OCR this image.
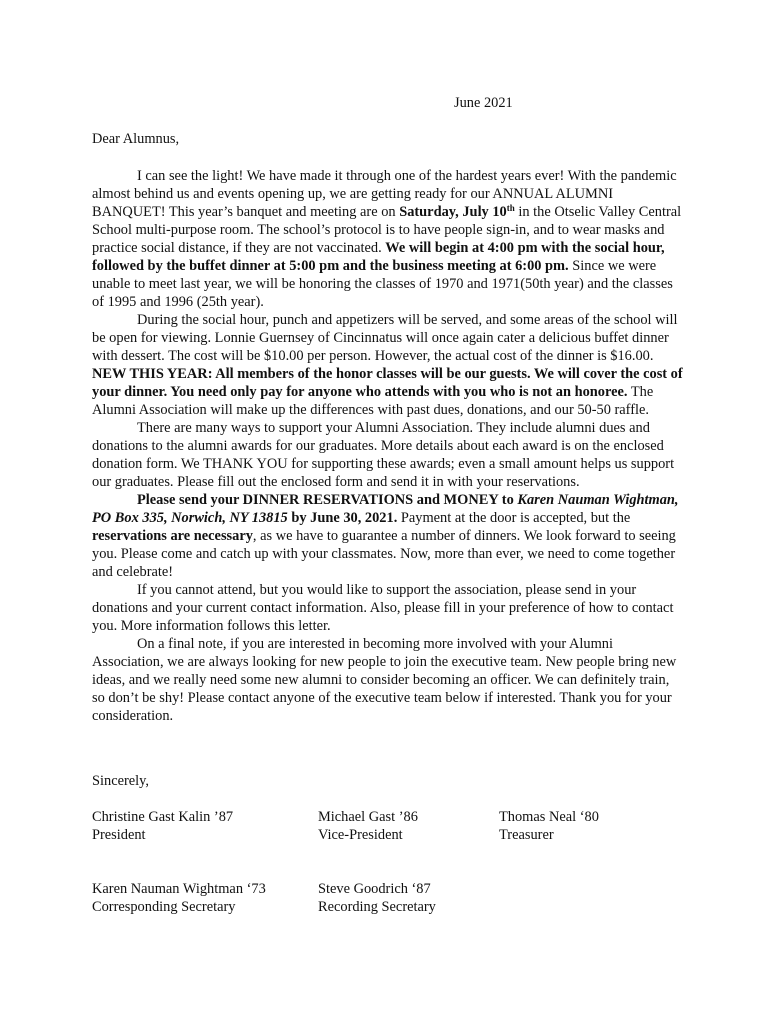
June 2021
Dear Alumnus,

I can see the light! We have made it through one of the hardest years ever! With the pandemic almost behind us and events opening up, we are getting ready for our ANNUAL ALUMNI BANQUET! This year’s banquet and meeting are on Saturday, July 10th in the Otselic Valley Central School multi-purpose room. The school’s protocol is to have people sign-in, and to wear masks and practice social distance, if they are not vaccinated. We will begin at 4:00 pm with the social hour, followed by the buffet dinner at 5:00 pm and the business meeting at 6:00 pm. Since we were unable to meet last year, we will be honoring the classes of 1970 and 1971(50th year) and the classes of 1995 and 1996 (25th year).

During the social hour, punch and appetizers will be served, and some areas of the school will be open for viewing. Lonnie Guernsey of Cincinnatus will once again cater a delicious buffet dinner with dessert. The cost will be $10.00 per person. However, the actual cost of the dinner is $16.00. NEW THIS YEAR: All members of the honor classes will be our guests. We will cover the cost of your dinner. You need only pay for anyone who attends with you who is not an honoree. The Alumni Association will make up the differences with past dues, donations, and our 50-50 raffle.

There are many ways to support your Alumni Association. They include alumni dues and donations to the alumni awards for our graduates. More details about each award is on the enclosed donation form. We THANK YOU for supporting these awards; even a small amount helps us support our graduates. Please fill out the enclosed form and send it in with your reservations.

Please send your DINNER RESERVATIONS and MONEY to Karen Nauman Wightman, PO Box 335, Norwich, NY 13815 by June 30, 2021. Payment at the door is accepted, but the reservations are necessary, as we have to guarantee a number of dinners. We look forward to seeing you. Please come and catch up with your classmates. Now, more than ever, we need to come together and celebrate!

If you cannot attend, but you would like to support the association, please send in your donations and your current contact information. Also, please fill in your preference of how to contact you. More information follows this letter.

On a final note, if you are interested in becoming more involved with your Alumni Association, we are always looking for new people to join the executive team. New people bring new ideas, and we really need some new alumni to consider becoming an officer. We can definitely train, so don’t be shy! Please contact anyone of the executive team below if interested. Thank you for your consideration.

Sincerely,
Christine Gast Kalin ’87
President
Michael Gast ’86
Vice-President
Thomas Neal ‘80
Treasurer
Karen Nauman Wightman ‘73
Corresponding Secretary
Steve Goodrich ‘87
Recording Secretary
